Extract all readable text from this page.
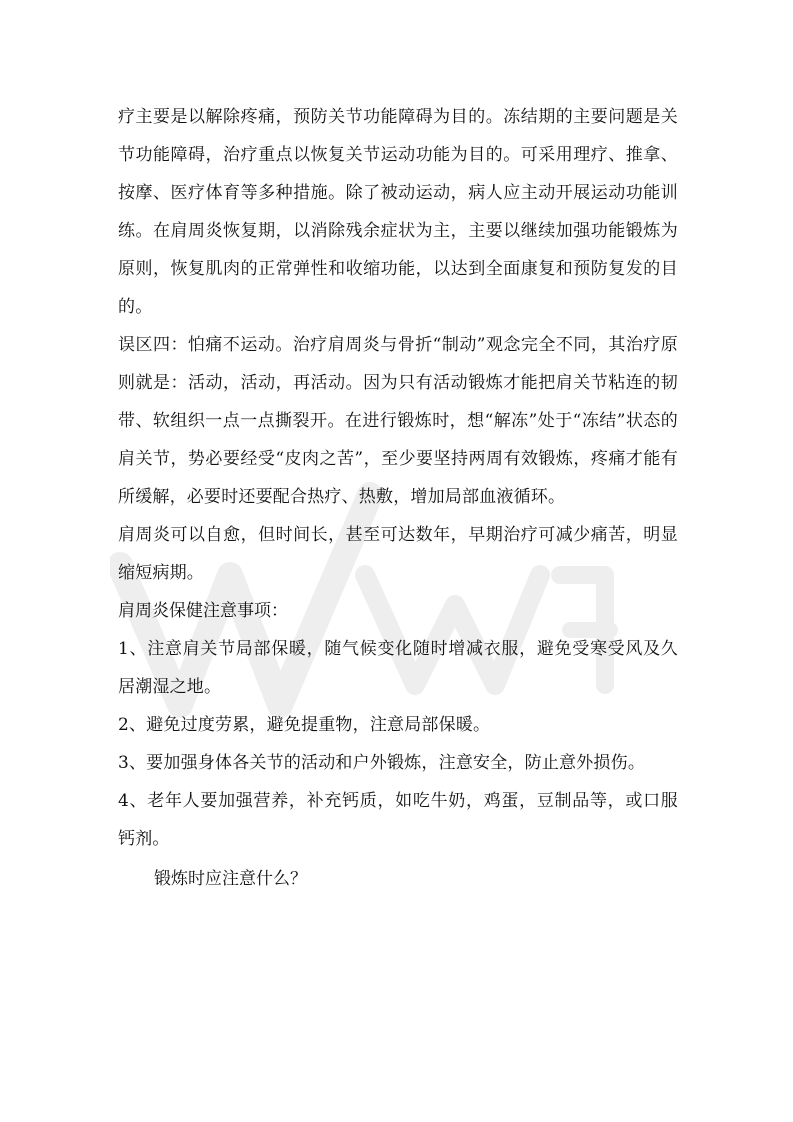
疗主要是以解除疼痛，预防关节功能障碍为目的。冻结期的主要问题是关节功能障碍，治疗重点以恢复关节运动功能为目的。可采用理疗、推拿、按摩、医疗体育等多种措施。除了被动运动，病人应主动开展运动功能训练。在肩周炎恢复期，以消除残余症状为主，主要以继续加强功能锻炼为原则，恢复肌肉的正常弹性和收缩功能，以达到全面康复和预防复发的目的。

误区四：怕痛不运动。治疗肩周炎与骨折“制动”观念完全不同，其治疗原则就是：活动，活动，再活动。因为只有活动锻炼才能把肩关节粘连的韧带、软组织一点一点撕裂开。在进行锻炼时，想“解冻”处于“冻结”状态的肩关节，势必要经受“皮肉之苦”，至少要坚持两周有效锻炼，疼痛才能有所缓解，必要时还要配合热疗、热敷，增加局部血液循环。

肩周炎可以自愈，但时间长，甚至可达数年，早期治疗可减少痛苦，明显缩短病期。

肩周炎保健注意事项：

1、注意肩关节局部保暖，随气候变化随时增减衣服，避免受寒受风及久居潮湿之地。

2、避免过度劳累，避免提重物，注意局部保暖。

3、要加强身体各关节的活动和户外锻炼，注意安全，防止意外损伤。

4、老年人要加强营养，补充钙质，如吃牛奶，鸡蛋，豆制品等，或口服钙剂。

锻炼时应注意什么？
